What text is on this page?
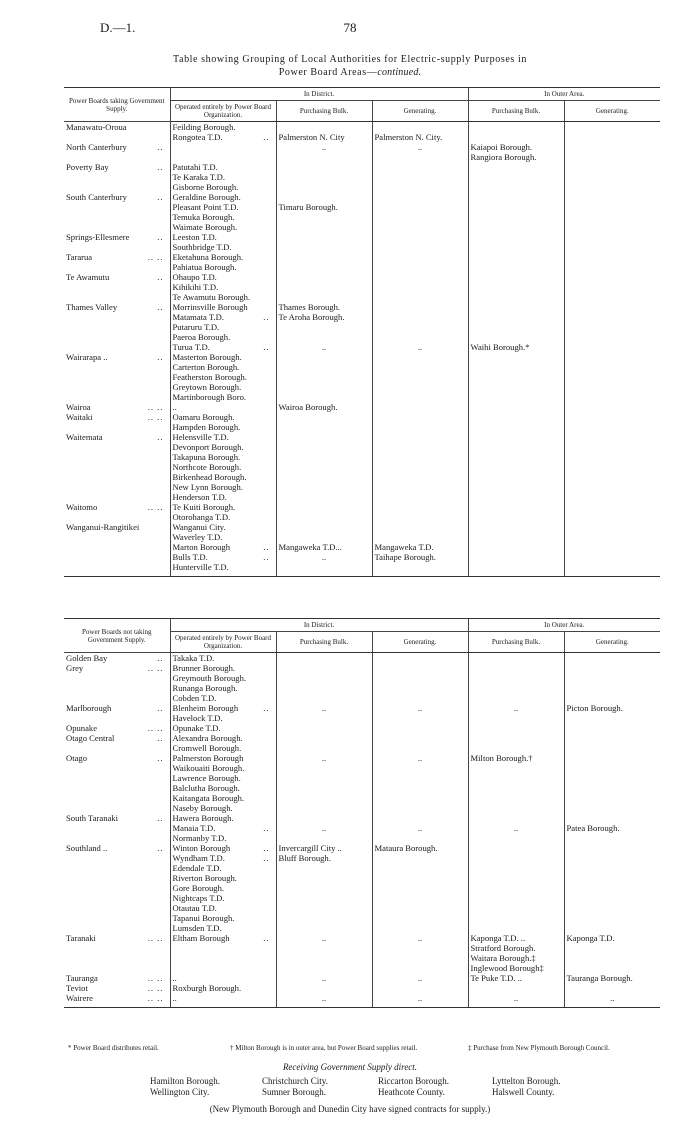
D.—1.	78
Table showing Grouping of Local Authorities for Electric-supply Purposes in
Power Board Areas—continued.
Power Boards taking Government Supply.	In District.			In Outer Area.	
	Operated entirely by Power Board Organization.	Purchasing Bulk.	Generating.	Purchasing Bulk.	Generating.

Manawatu-Oroua	Feilding Borough.				

	Rongotea T.D. ..	Palmerston N. City	Palmerston N. City.		

North Canterbury ..		..	..	Kaiapoi Borough.	

			Rangiora Borough.	

Poverty Bay ..	Patutahi T.D.				

	Te Karaka T.D.				

	Gisborne Borough.				

South Canterbury ..	Geraldine Borough.				

	Pleasant Point T.D.	Timaru Borough.			

	Temuka Borough.				

	Waimate Borough.				

Springs-Ellesmere ..	Leeston T.D.				

	Southbridge T.D.				

Tararua .. ..	Eketahuna Borough.				

	Pahiatua Borough.				

Te Awamutu ..	Ohaupo T.D.				

	Kihikihi T.D.				

	Te Awamutu Borough.				

Thames Valley ..	Morrinsville Borough	Thames Borough.			

	Matamata T.D. ..	Te Aroha Borough.			

	Putaruru T.D.				

	Paeroa Borough.				

	Turua T.D. ..	..	..	Waihi Borough.*	

Wairarapa .. ..	Masterton Borough.				

	Carterton Borough.				

	Featherston Borough.				

	Greytown Borough.				

	Martinborough Boro.				

Wairoa .. ..	..	Wairoa Borough.			

Waitaki .. ..	Oamaru Borough.				

	Hampden Borough.				

Waitemata ..	Helensville T.D.				

	Devonport Borough.				

	Takapuna Borough.				

	Northcote Borough.				

	Birkenhead Borough.				

	New Lynn Borough.				

	Henderson T.D.				

Waitomo .. ..	Te Kuiti Borough.				

	Otorohanga T.D.				

Wanganui-Rangitikei	Wanganui City.				

	Waverley T.D.				

	Marton Borough ..	Mangaweka T.D...	Mangaweka T.D.		

	Bulls T.D. ..	..	Taihape Borough.		

	Hunterville T.D.				

Power Boards not taking Government Supply.	In District.			In Outer Area.	
	Operated entirely by Power Board Organization.	Purchasing Bulk.	Generating.	Purchasing Bulk.	Generating.

Golden Bay ..	Takaka T.D.				

Grey .. ..	Brunner Borough.				

	Greymouth Borough.				

	Runanga Borough.				

	Cobden T.D.				

Marlborough ..	Blenheim Borough ..	..	..	..	Picton Borough.

	Havelock T.D.				

Opunake .. ..	Opunake T.D.				

Otago Central ..	Alexandra Borough.				

	Cromwell Borough.				

Otago ..	Palmerston Borough	..	..	Milton Borough.†	

	Waikouaiti Borough.				

	Lawrence Borough.				

	Balclutha Borough.				

	Kaitangata Borough.				

	Naseby Borough.				

South Taranaki ..	Hawera Borough.				

	Manaia T.D. ..	..	..	..	Patea Borough.

	Normanby T.D.				

Southland .. ..	Winton Borough ..	Invercargill City ..	Mataura Borough.		

	Wyndham T.D. ..	Bluff Borough.			

	Edendale T.D.				

	Riverton Borough.				

	Gore Borough.				

	Nightcaps T.D.				

	Otautau T.D.				

	Tapanui Borough.				

	Lumsden T.D.				

Taranaki .. ..	Eltham Borough ..	..	..	Kaponga T.D. ..	Kaponga T.D.

			Stratford Borough.	

			Waitara Borough.‡	

			Inglewood Borough‡	

Tauranga .. ..	..	..	..	Te Puke T.D. ..	Tauranga Borough.

Teviot .. ..	Roxburgh Borough.				

Wairere .. ..	..	..	..	..	..
* Power Board distributes retail.	† Milton Borough is in outer area, but Power Board supplies retail.	‡ Purchase from New Plymouth Borough Council.
Receiving Government Supply direct.
Hamilton Borough.
Wellington City.
Christchurch City.
Sumner Borough.
Riccarton Borough.
Heathcote County.
Lyttelton Borough.
Halswell County.
(New Plymouth Borough and Dunedin City have signed contracts for supply.)
